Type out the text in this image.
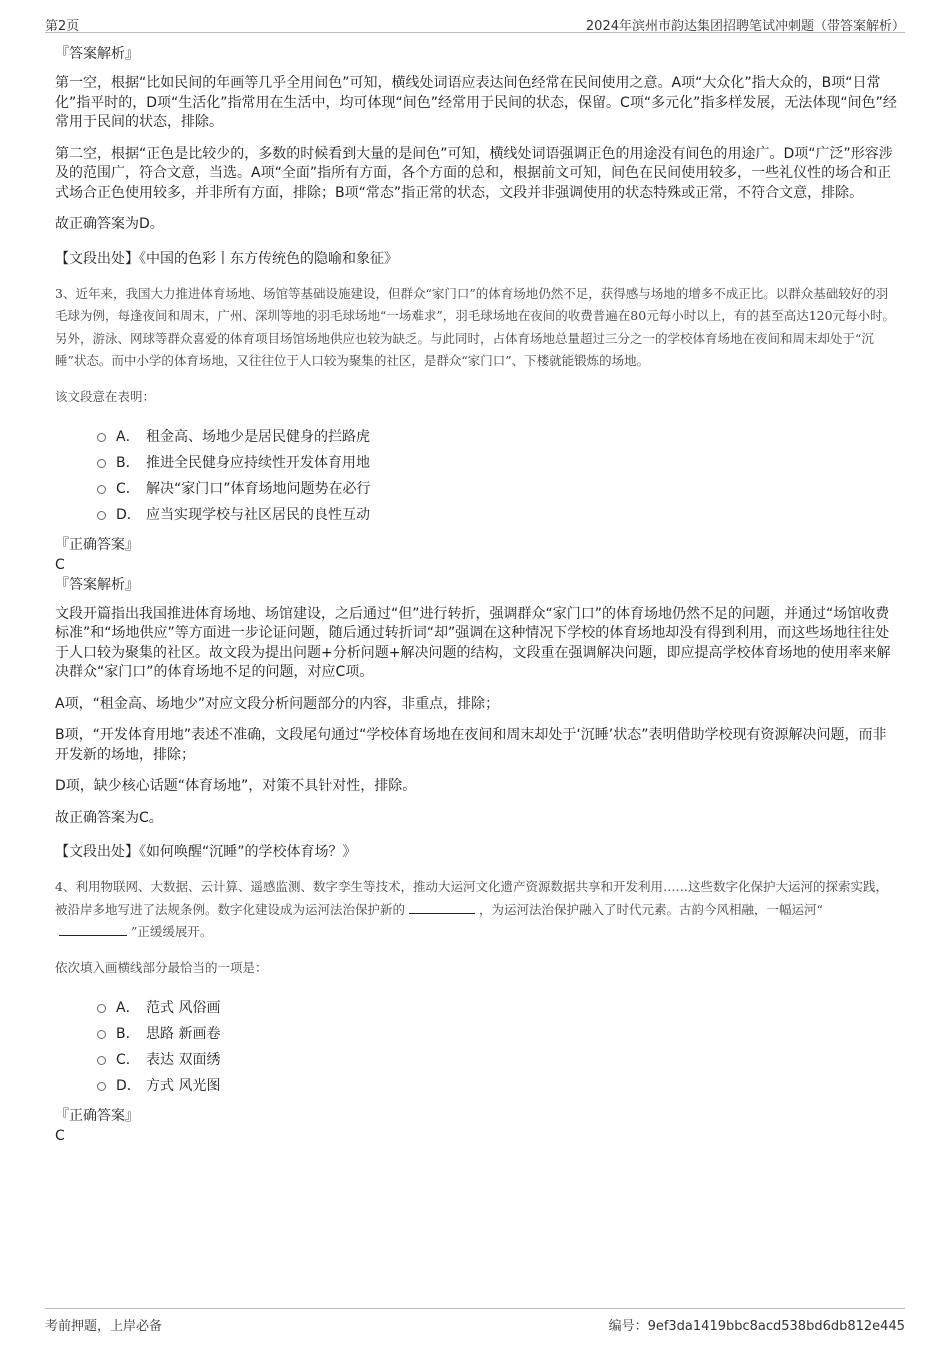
第2页	2024年滨州市韵达集团招聘笔试冲刺题（带答案解析）
『答案解析』
第一空，根据“比如民间的年画等几乎全用间色”可知，横线处词语应表达间色经常在民间使用之意。A项“大众化”指大众的，B项“日常化”指平时的，D项“生活化”指常用在生活中，均可体现“间色”经常用于民间的状态，保留。C项“多元化”指多样发展，无法体现“间色”经常用于民间的状态，排除。
第二空，根据“正色是比较少的，多数的时候看到大量的是间色”可知，横线处词语强调正色的用途没有间色的用途广。D项“广泛”形容涉及的范围广，符合文意，当选。A项“全面”指所有方面，各个方面的总和，根据前文可知，间色在民间使用较多，一些礼仪性的场合和正式场合正色使用较多，并非所有方面，排除；B项“常态”指正常的状态，文段并非强调使用的状态特殊或正常，不符合文意，排除。
故正确答案为D。
【文段出处】《中国的色彩丨东方传统色的隐喻和象征》
3、近年来，我国大力推进体育场地、场馆等基础设施建设，但群众“家门口”的体育场地仍然不足，获得感与场地的增多不成正比。以群众基础较好的羽毛球为例，每逢夜间和周末，广州、深圳等地的羽毛球场地“一场难求”，羽毛球场地在夜间的收费普遍在80元每小时以上，有的甚至高达120元每小时。另外，游泳、网球等群众喜爱的体育项目场馆场地供应也较为缺乏。与此同时，占体育场地总量超过三分之一的学校体育场地在夜间和周末却处于“沉睡”状态。而中小学的体育场地，又往往位于人口较为聚集的社区，是群众“家门口”、下楼就能锻炼的场地。
该文段意在表明：
A． 租金高、场地少是居民健身的拦路虎
B． 推进全民健身应持续性开发体育用地
C． 解决“家门口”体育场地问题势在必行
D． 应当实现学校与社区居民的良性互动
『正确答案』
C
『答案解析』
文段开篇指出我国推进体育场地、场馆建设，之后通过“但”进行转折，强调群众“家门口”的体育场地仍然不足的问题，并通过“场馆收费标准”和“场地供应”等方面进一步论证问题，随后通过转折词“却”强调在这种情况下学校的体育场地却没有得到利用，而这些场地往往处于人口较为聚集的社区。故文段为提出问题+分析问题+解决问题的结构，文段重在强调解决问题，即应提高学校体育场地的使用率来解决群众“家门口”的体育场地不足的问题，对应C项。
A项，“租金高、场地少”对应文段分析问题部分的内容，非重点，排除；
B项，“开发体育用地”表述不准确，文段尾句通过“学校体育场地在夜间和周末却处于‘沉睡’状态”表明借助学校现有资源解决问题，而非开发新的场地，排除；
D项，缺少核心话题“体育场地”，对策不具针对性，排除。
故正确答案为C。
【文段出处】《如何唤醒“沉睡”的学校体育场？》
4、利用物联网、大数据、云计算、遥感监测、数字孪生等技术，推动大运河文化遗产资源数据共享和开发利用……这些数字化保护大运河的探索实践，被沿岸多地写进了法规条例。数字化建设成为运河法治保护新的	，为运河法治保护融入了时代元素。古韵今风相融，一幅运河“”正缓缓展开。
依次填入画横线部分最恰当的一项是：
A． 范式 风俗画
B． 思路 新画卷
C． 表达 双面绣
D． 方式 风光图
『正确答案』
C
考前押题，上岸必备	编号：9ef3da1419bbc8acd538bd6db812e445
